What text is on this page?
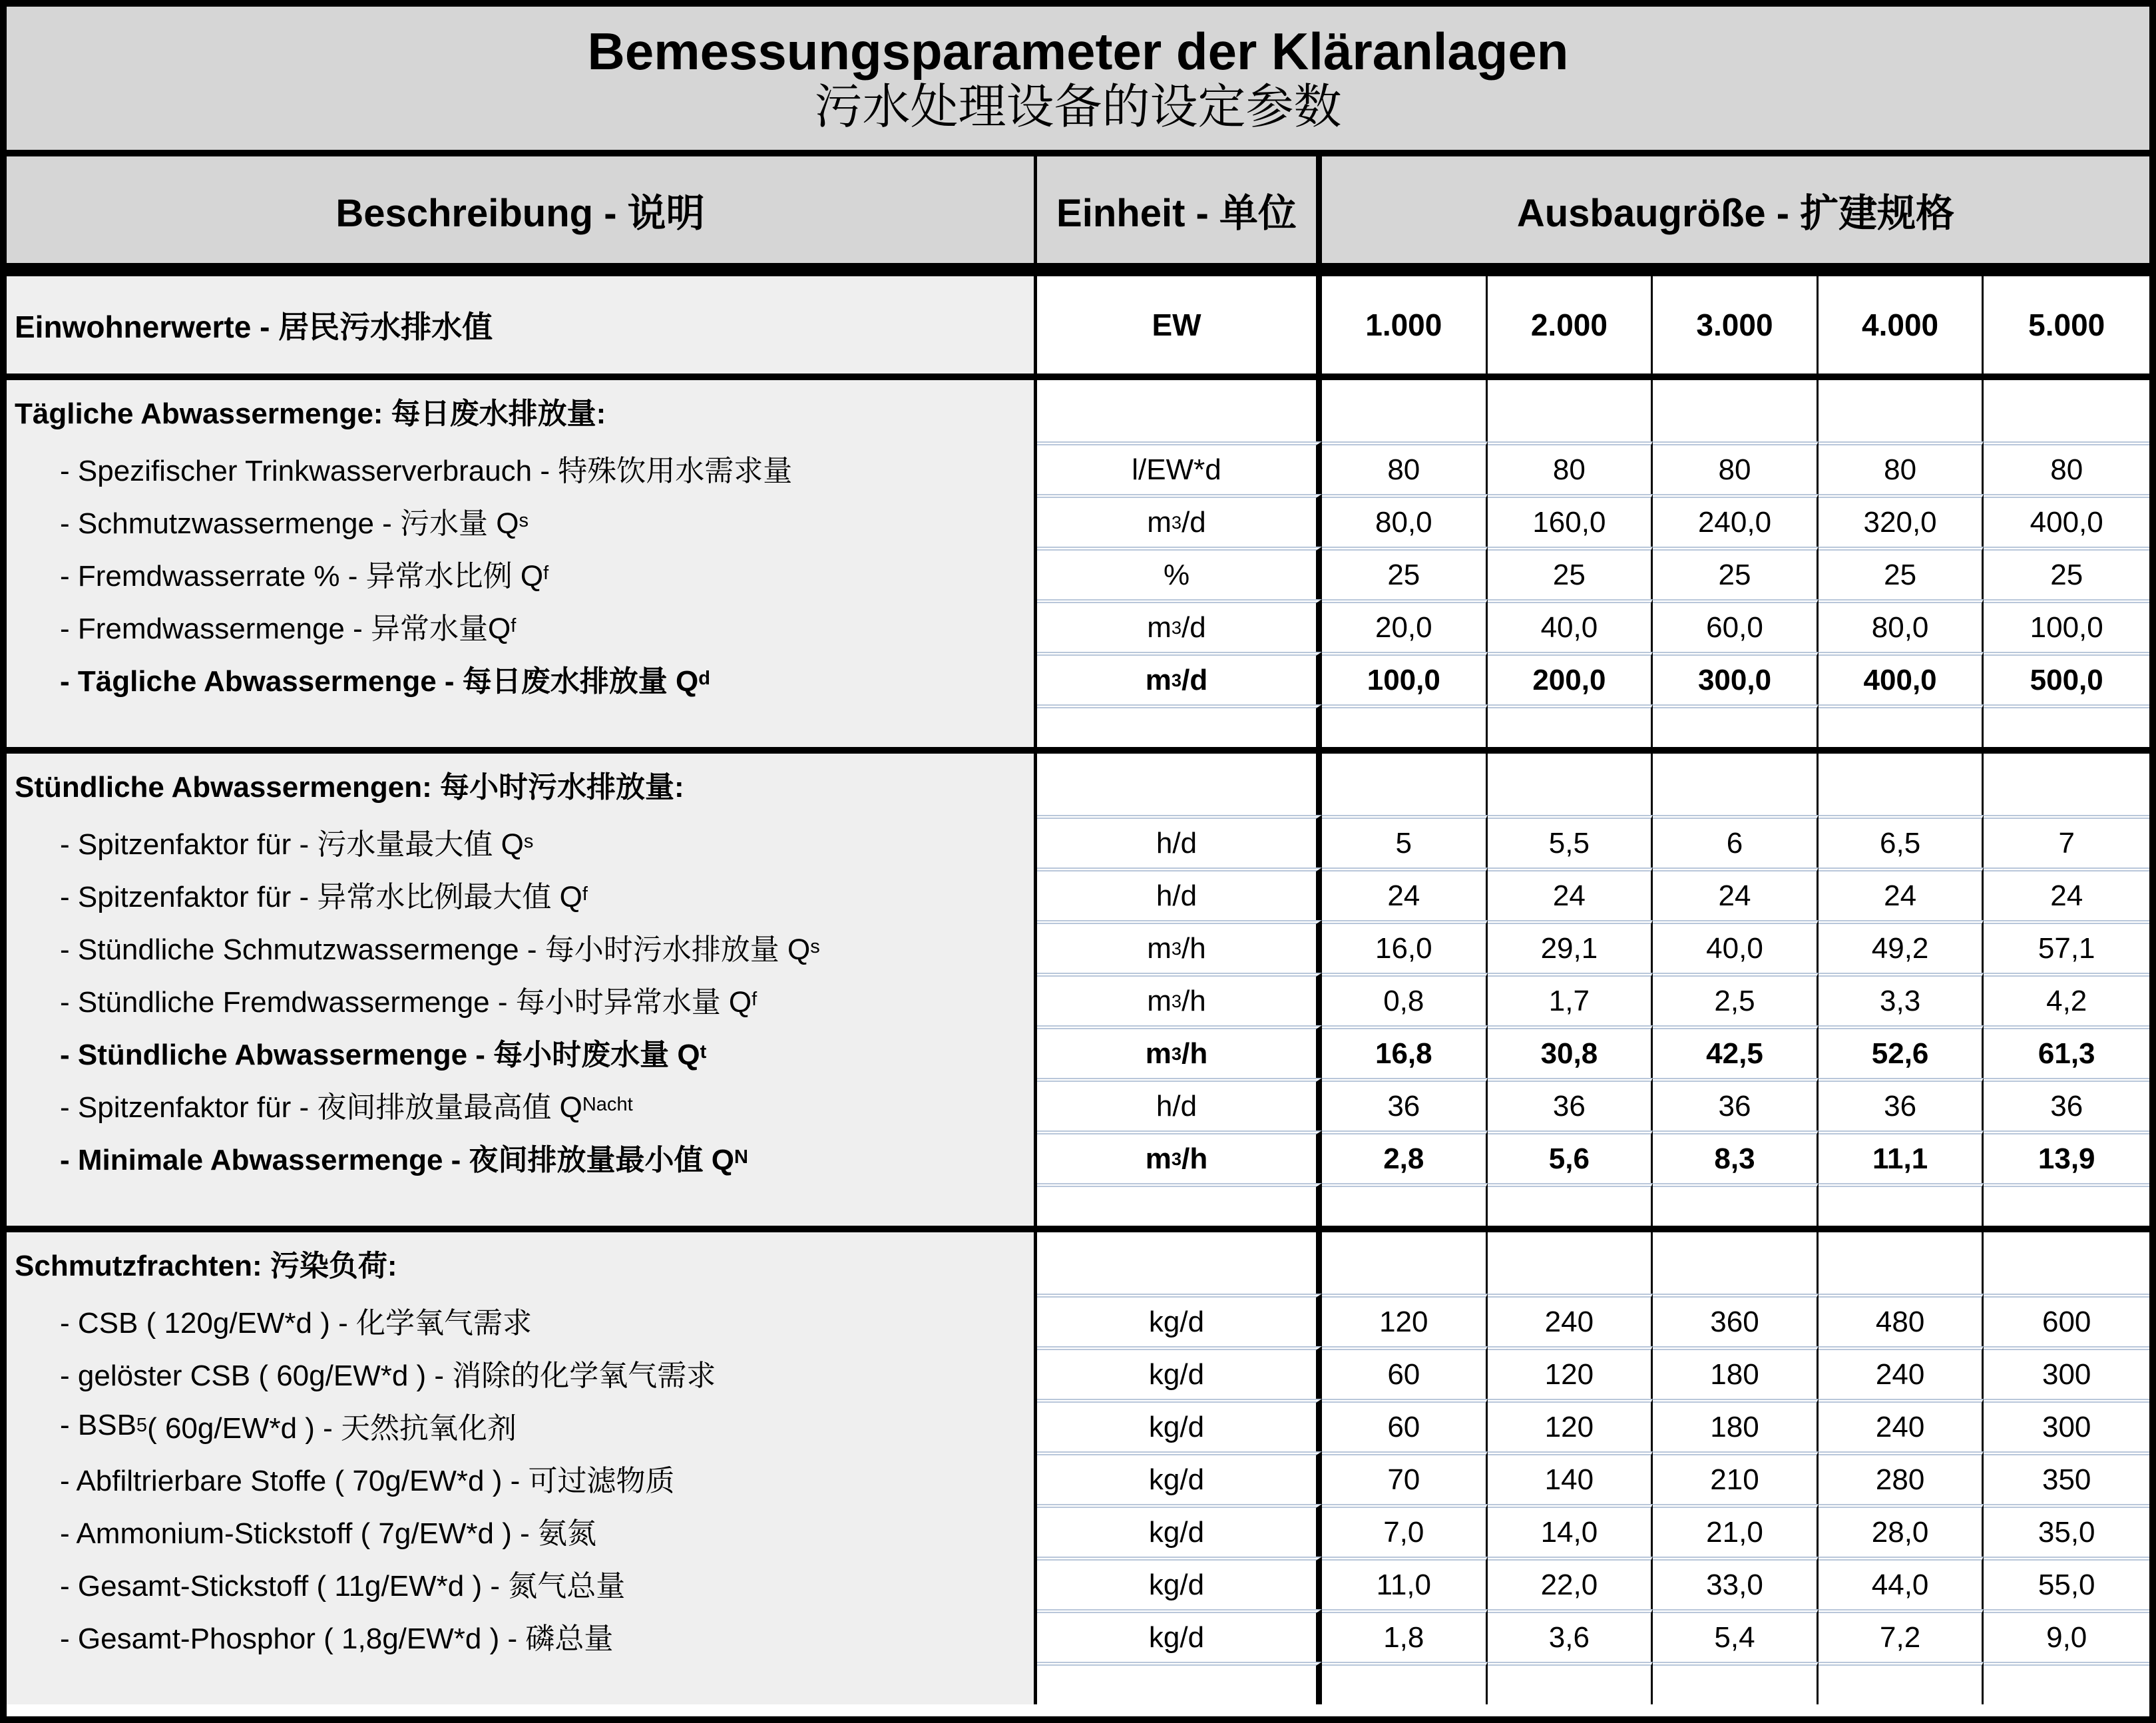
Bemessungsparameter der Kläranlagen
污水处理设备的设定参数
Beschreibung - 说明	Einheit - 单位	Ausbaugröße - 扩建规格
Einwohnerwerte - 居民污水排水值	EW	1.000	2.000	3.000	4.000	5.000
Tägliche Abwassermenge: 每日废水排放量:
- Spezifischer Trinkwasserverbrauch - 特殊饮用水需求量	l/EW*d	80	80	80	80	80
- Schmutzwassermenge - 污水量 Q s	m 3 /d	80,0	160,0	240,0	320,0	400,0
- Fremdwasserrate % - 异常水比例 Q f	%	25	25	25	25	25
- Fremdwassermenge - 异常水量Q f	m 3 /d	20,0	40,0	60,0	80,0	100,0
- Tägliche Abwassermenge - 每日废水排放量 Q d	m 3 /d	100,0	200,0	300,0	400,0	500,0
Stündliche Abwassermengen: 每小时污水排放量:
- Spitzenfaktor für - 污水量最大值 Q s	h/d	5	5,5	6	6,5	7
- Spitzenfaktor für - 异常水比例最大值 Q f	h/d	24	24	24	24	24
- Stündliche Schmutzwassermenge - 每小时污水排放量 Q s	m 3 /h	16,0	29,1	40,0	49,2	57,1
- Stündliche Fremdwassermenge - 每小时异常水量 Q f	m 3 /h	0,8	1,7	2,5	3,3	4,2
- Stündliche Abwassermenge - 每小时废水量 Q t	m 3 /h	16,8	30,8	42,5	52,6	61,3
- Spitzenfaktor für - 夜间排放量最高值 Q Nacht	h/d	36	36	36	36	36
- Minimale Abwassermenge - 夜间排放量最小值 Q N	m 3 /h	2,8	5,6	8,3	11,1	13,9
Schmutzfrachten: 污染负荷:
- CSB ( 120g/EW*d ) - 化学氧气需求	kg/d	120	240	360	480	600
- gelöster CSB ( 60g/EW*d ) - 消除的化学氧气需求	kg/d	60	120	180	240	300
- BSB 5 ( 60g/EW*d ) - 天然抗氧化剂	kg/d	60	120	180	240	300
- Abfiltrierbare Stoffe ( 70g/EW*d ) - 可过滤物质	kg/d	70	140	210	280	350
- Ammonium-Stickstoff ( 7g/EW*d ) - 氨氮	kg/d	7,0	14,0	21,0	28,0	35,0
- Gesamt-Stickstoff ( 11g/EW*d ) - 氮气总量	kg/d	11,0	22,0	33,0	44,0	55,0
- Gesamt-Phosphor ( 1,8g/EW*d ) - 磷总量	kg/d	1,8	3,6	5,4	7,2	9,0
